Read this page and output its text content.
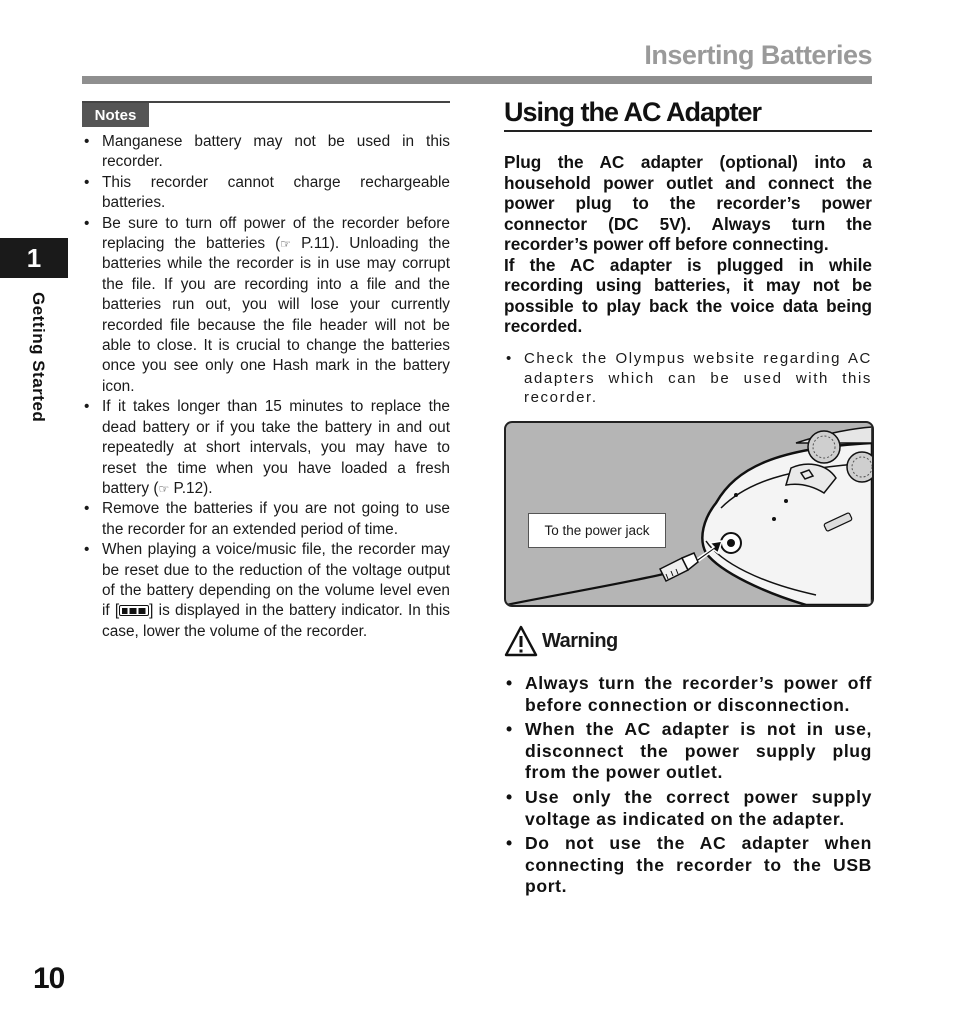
Inserting Batteries
1
Getting Started
Notes
• Manganese battery may not be used in this recorder.
• This recorder cannot charge rechargeable batteries.
• Be sure to turn off power of the recorder before replacing the batteries (☞ P.11). Unloading the batteries while the recorder is in use may corrupt the file. If you are recording into a file and the batteries run out, you will lose your currently recorded file because the file header will not be able to close. It is crucial to change the batteries once you see only one Hash mark in the battery icon.
• If it takes longer than 15 minutes to replace the dead battery or if you take the battery in and out repeatedly at short intervals, you may have to reset the time when you have loaded a fresh battery (☞ P.12).
• Remove the batteries if you are not going to use the recorder for an extended period of time.
• When playing a voice/music file, the recorder may be reset due to the reduction of the voltage output of the battery depending on the volume level even if [ ] is displayed in the battery indicator. In this case, lower the volume of the recorder.
Using the AC Adapter

Plug the AC adapter (optional) into a household power outlet and connect the power plug to the recorder’s power connector (DC 5V). Always turn the recorder’s power off before connecting.

If the AC adapter is plugged in while recording using batteries, it may not be possible to play back the voice data being recorded.

• Check the Olympus website regarding AC adapters which can be used with this recorder.
To the power jack
Warning
• Always turn the recorder’s power off before connection or disconnection.
• When the AC adapter is not in use, disconnect the power supply plug from the power outlet.
• Use only the correct power supply voltage as indicated on the adapter.
• Do not use the AC adapter when connecting the recorder to the USB port.
10
